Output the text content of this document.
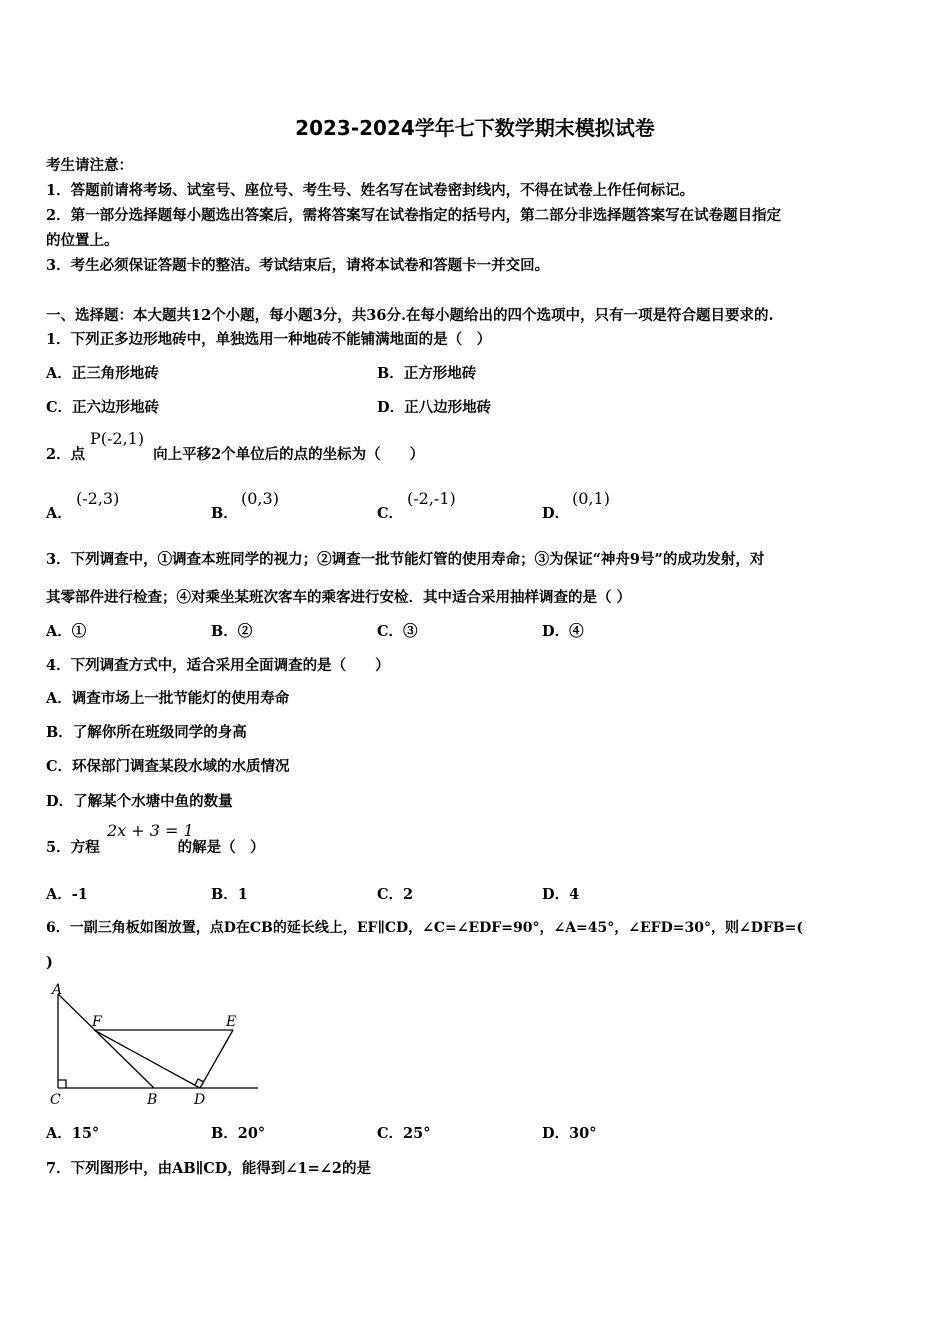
2023-2024学年七下数学期末模拟试卷
考生请注意：
1．答题前请将考场、试室号、座位号、考生号、姓名写在试卷密封线内，不得在试卷上作任何标记。
2．第一部分选择题每小题选出答案后，需将答案写在试卷指定的括号内，第二部分非选择题答案写在试卷题目指定
的位置上。
3．考生必须保证答题卡的整洁。考试结束后，请将本试卷和答题卡一并交回。
一、选择题：本大题共12个小题，每小题3分，共36分.在每小题给出的四个选项中，只有一项是符合题目要求的.
1．下列正多边形地砖中，单独选用一种地砖不能铺满地面的是（　）
A．正三角形地砖	B．正方形地砖
C．正六边形地砖	D．正八边形地砖
2．点	向上平移2个单位后的点的坐标为（　　）
P(-2,1)
A．
(-2,3)
B．
(0,3)
C．
(-2,-1)
D．
(0,1)
3．下列调查中，①调查本班同学的视力；②调查一批节能灯管的使用寿命；③为保证“神舟9号”的成功发射，对
其零部件进行检查；④对乘坐某班次客车的乘客进行安检．其中适合采用抽样调查的是（ ）
A．①	B．②	C．③	D．④
4．下列调查方式中，适合采用全面调查的是（　　）
A．调查市场上一批节能灯的使用寿命
B．了解你所在班级同学的身高
C．环保部门调查某段水域的水质情况
D．了解某个水塘中鱼的数量
5．方程	的解是（　）
2x + 3 = 1
A．-1	B．1	C．2	D．4
6．一副三角板如图放置，点D在CB的延长线上，EF∥CD，∠C=∠EDF=90°，∠A=45°，∠EFD=30°，则∠DFB=(
)
A
F	E
C	B	D
A．15°	B．20°	C．25°	D．30°
7．下列图形中，由AB∥CD，能得到∠1=∠2的是
